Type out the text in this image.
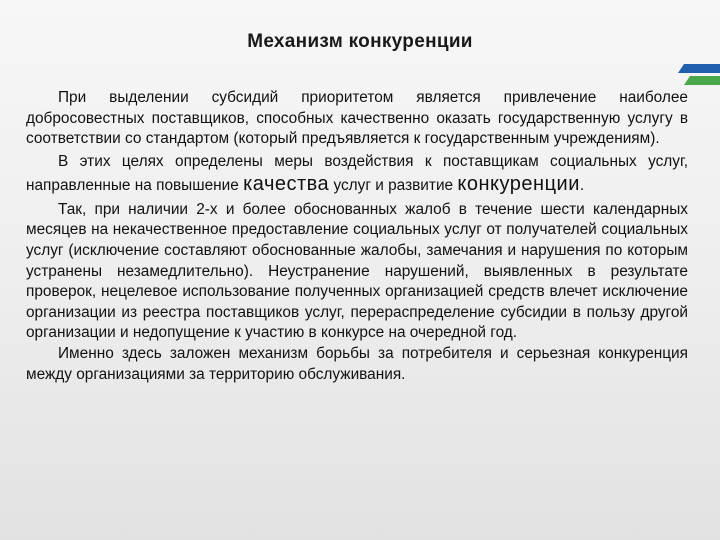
Механизм конкуренции

При выделении субсидий приоритетом является привлечение наиболее добросовестных поставщиков, способных качественно оказать государственную услугу в соответствии со стандартом (который предъявляется к государственным учреждениям).

В этих целях определены меры воздействия к поставщикам социальных услуг, направленные на повышение качества услуг и развитие конкуренции.

Так, при наличии 2-х и более обоснованных жалоб в течение шести календарных месяцев на некачественное предоставление социальных услуг от получателей социальных услуг (исключение составляют обоснованные жалобы, замечания и нарушения по которым устранены незамедлительно). Неустранение нарушений, выявленных в результате проверок, нецелевое использование полученных организацией средств влечет исключение организации из реестра поставщиков услуг, перераспределение субсидии в пользу другой организации и недопущение к участию в конкурсе на очередной год.

Именно здесь заложен механизм борьбы за потребителя и серьезная конкуренция между организациями за территорию обслуживания.
